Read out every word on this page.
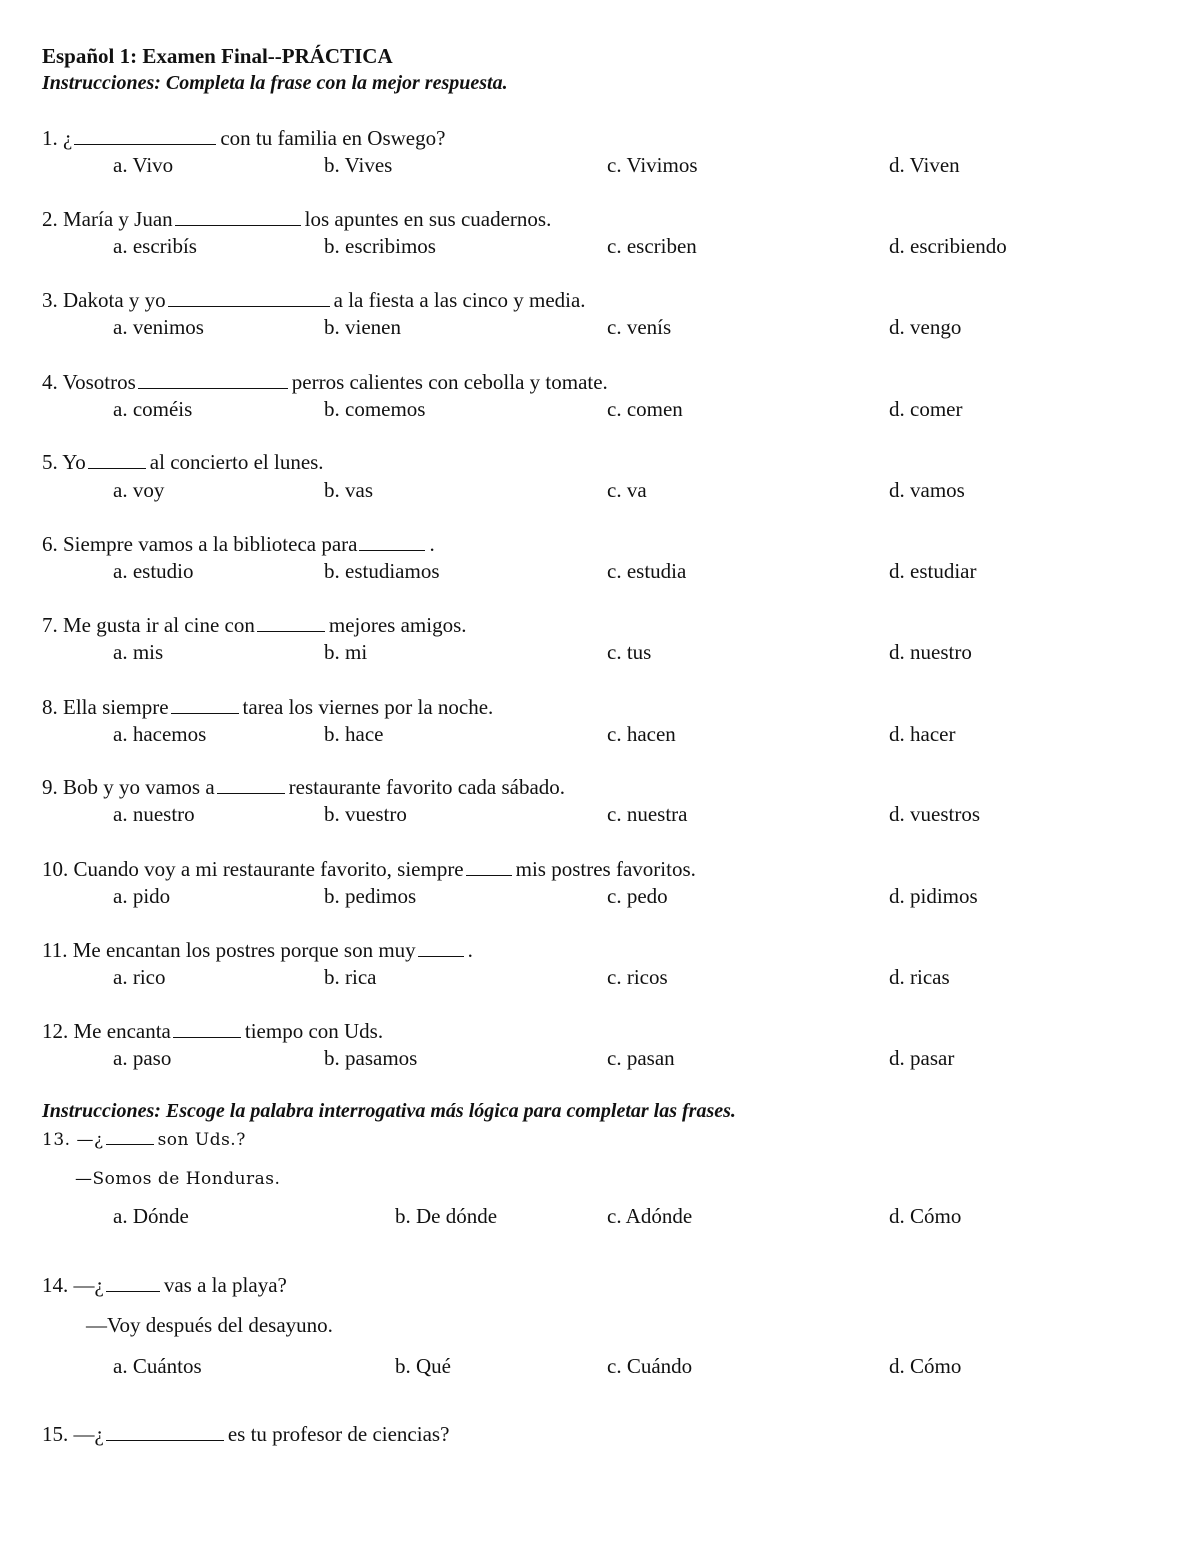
Español 1: Examen Final--PRÁCTICA
Instrucciones: Completa la frase con la mejor respuesta.
1. ¿	con tu familia en Oswego?
a. Vivo	b. Vives	c. Vivimos	d. Viven
2. María y Juan	los apuntes en sus cuadernos.
a. escribís	b. escribimos	c. escriben	d. escribiendo
3. Dakota y yo	a la fiesta a las cinco y media.
a. venimos	b. vienen	c. venís	d. vengo
4. Vosotros	perros calientes con cebolla y tomate.
a. coméis	b. comemos	c. comen	d. comer
5. Yo	al concierto el lunes.
a. voy	b. vas	c. va	d. vamos
6. Siempre vamos a la biblioteca para	.
a. estudio	b. estudiamos	c. estudia	d. estudiar
7. Me gusta ir al cine con	mejores amigos.
a. mis	b. mi	c. tus	d. nuestro
8. Ella siempre	tarea los viernes por la noche.
a. hacemos	b. hace	c. hacen	d. hacer
9. Bob y yo vamos a	restaurante favorito cada sábado.
a. nuestro	b. vuestro	c. nuestra	d. vuestros
10. Cuando voy a mi restaurante favorito, siempre mis postres favoritos.
a. pido	b. pedimos	c. pedo	d. pidimos
11. Me encantan los postres porque son muy .
a. rico	b. rica	c. ricos	d. ricas
12. Me encanta	tiempo con Uds.
a. paso	b. pasamos	c. pasan	d. pasar
Instrucciones: Escoge la palabra interrogativa más lógica para completar las frases.
13. —¿	son Uds.?
—Somos de Honduras.
a. Dónde	b. De dónde	c. Adónde	d. Cómo
14. —¿	vas a la playa?
—Voy después del desayuno.
a. Cuántos	b. Qué	c. Cuándo	d. Cómo
15. —¿	es tu profesor de ciencias?
